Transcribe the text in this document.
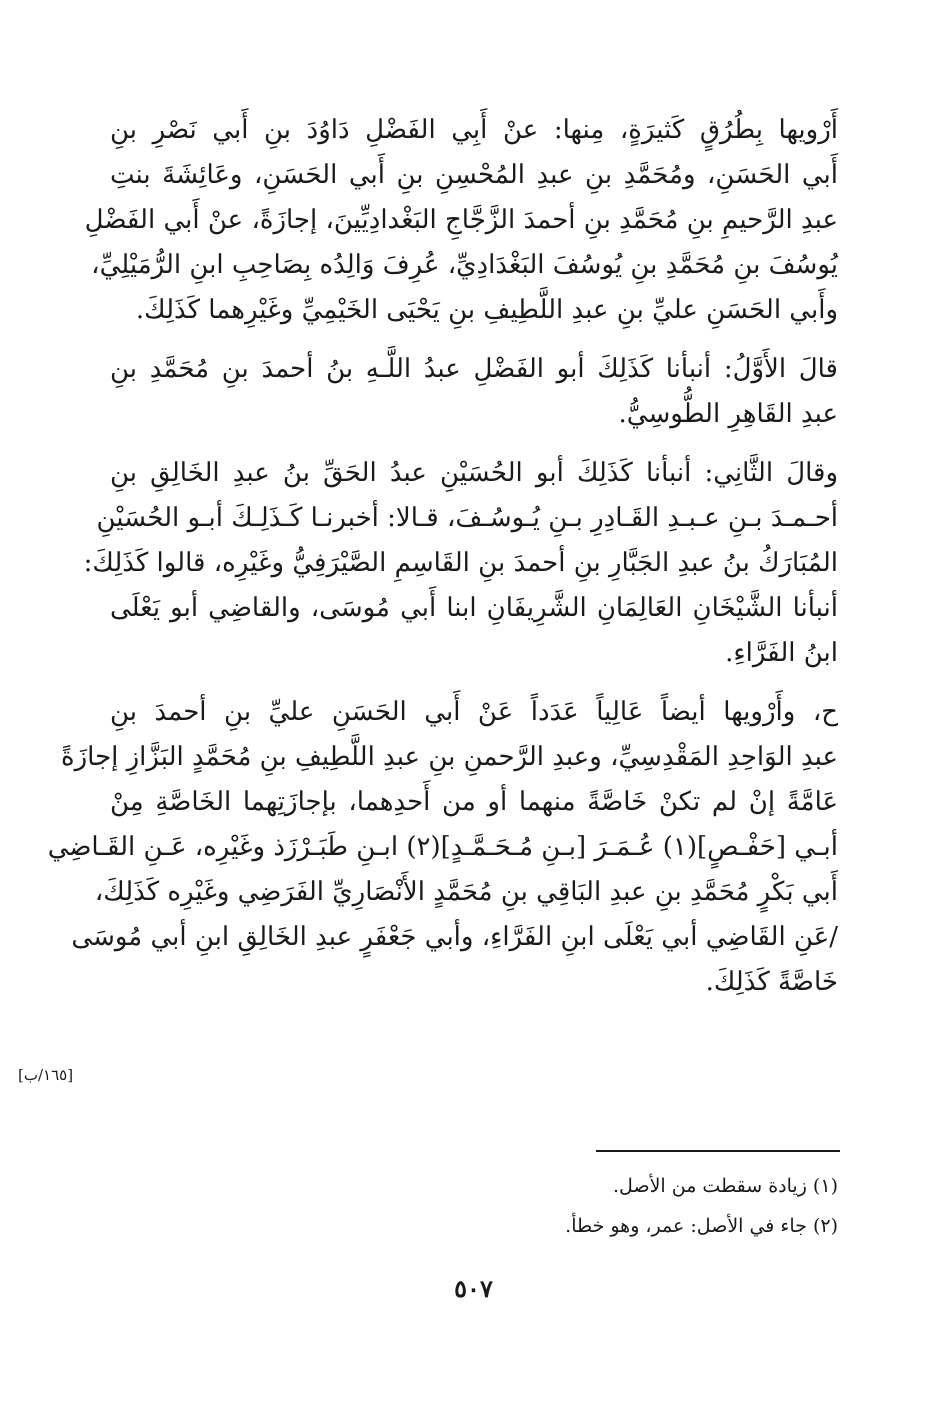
أَرْويها بِطُرُقٍ كَثيرَةٍ، مِنها: عنْ أَبِي الفَضْلِ دَاوُدَ بنِ أَبي نَصْرِ بنِ
أَبي الحَسَنِ، ومُحَمَّدِ بنِ عبدِ المُحْسِنِ بنِ أَبي الحَسَنِ، وعَائِشَةَ بنتِ
عبدِ الرَّحيمِ بنِ مُحَمَّدِ بنِ أحمدَ الزَّجَّاجِ البَغْدادِيِّينَ، إجازَةً، عنْ أَبي الفَضْلِ
يُوسُفَ بنِ مُحَمَّدِ بنِ يُوسُفَ البَغْدَادِيِّ، عُرِفَ وَالِدُه بِصَاحِبِ ابنِ الرُّمَيْلِيِّ،
وأَبي الحَسَنِ عليِّ بنِ عبدِ اللَّطِيفِ بنِ يَحْيَى الخَيْمِيِّ وغَيْرِهما كَذَلِكَ.
قالَ الأَوَّلُ: أنبأنا كَذَلِكَ أبو الفَضْلِ عبدُ اللَّـهِ بنُ أحمدَ بنِ مُحَمَّدِ بنِ
عبدِ القَاهِرِ الطُّوسِيُّ.
وقالَ الثَّانِي: أنبأنا كَذَلِكَ أبو الحُسَيْنِ عبدُ الحَقِّ بنُ عبدِ الخَالِقِ بنِ
أحـمـدَ بـنِ عـبـدِ القَـادِرِ بـنِ يُـوسُـفَ، قـالا: أخبرنـا كَـذَلِـكَ أبـو الحُسَيْنِ
المُبَارَكُ بنُ عبدِ الجَبَّارِ بنِ أحمدَ بنِ القَاسِمِ الصَّيْرَفِيُّ وغَيْرِه، قالوا كَذَلِكَ:
أنبأنا الشَّيْخَانِ العَالِمَانِ الشَّرِيفَانِ ابنا أَبي مُوسَى، والقاضِي أبو يَعْلَى
ابنُ الفَرَّاءِ.
ح، وأَرْويها أيضاً عَالِياً عَدَداً عَنْ أَبي الحَسَنِ عليِّ بنِ أحمدَ بنِ
عبدِ الوَاحِدِ المَقْدِسِيِّ، وعبدِ الرَّحمنِ بنِ عبدِ اللَّطِيفِ بنِ مُحَمَّدٍ البَزَّازِ إجازَةً
عَامَّةً إنْ لم تكنْ خَاصَّةً منهما أو من أَحدِهما، بإجازَتِهما الخَاصَّةِ مِنْ
أبـي [حَفْـصٍ](١) عُـمَـرَ [بـنِ مُـحَـمَّـدٍ](٢) ابـنِ طَبَـرْزَذ وغَيْرِه، عَـنِ القَـاضِي
أَبي بَكْرٍ مُحَمَّدِ بنِ عبدِ البَاقِي بنِ مُحَمَّدٍ الأَنْصَارِيِّ الفَرَضِي وغَيْرِه كَذَلِكَ،
/عَنِ القَاضِي أبي يَعْلَى ابنِ الفَرَّاءِ، وأبي جَعْفَرٍ عبدِ الخَالِقِ ابنِ أبي مُوسَى
خَاصَّةً كَذَلِكَ.
[١٦٥/ب]
(١) زيادة سقطت من الأصل.
(٢) جاء في الأصل: عمر، وهو خطأ.
٥٠٧
